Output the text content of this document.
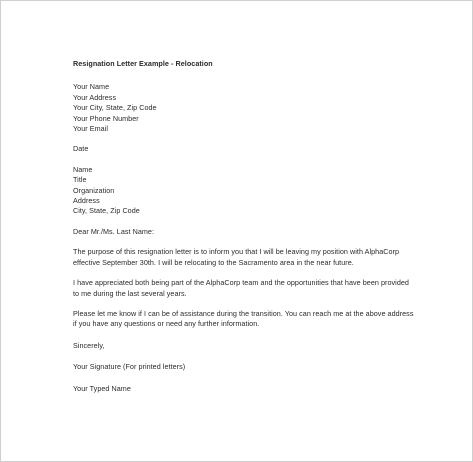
Resignation Letter Example - Relocation
Your Name
Your Address
Your City, State, Zip Code
Your Phone Number
Your Email
Date
Name
Title
Organization
Address
City, State, Zip Code
Dear Mr./Ms. Last Name:
The purpose of this resignation letter is to inform you that I will be leaving my position with AlphaCorp
effective September 30th. I will be relocating to the Sacramento area in the near future.
I have appreciated both being part of the AlphaCorp team and the opportunities that have been provided
to me during the last several years.
Please let me know if I can be of assistance during the transition. You can reach me at the above address
if you have any questions or need any further information.
Sincerely,
Your Signature (For printed letters)
Your Typed Name
